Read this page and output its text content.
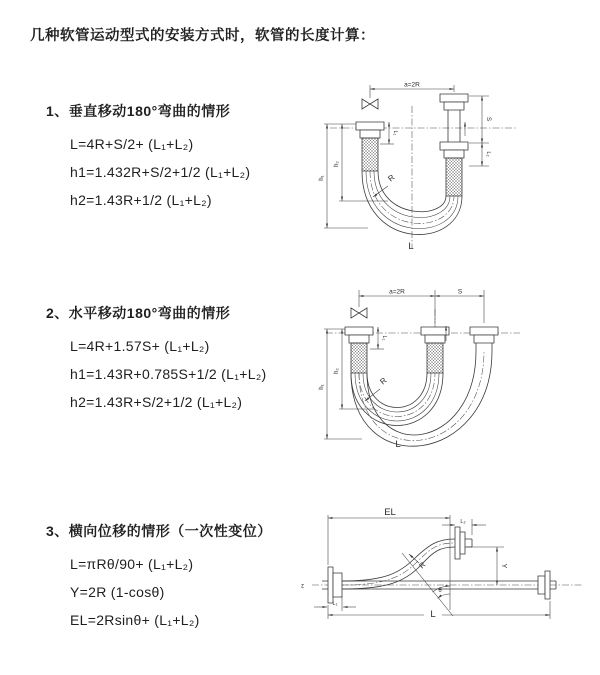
几种软管运动型式的安装方式时，软管的长度计算：
1、垂直移动180°弯曲的情形
L=4R+S/2+ (L₁+L₂)
h1=1.432R+S/2+1/2 (L₁+L₂)
h2=1.43R+1/2 (L₁+L₂)
2、水平移动180°弯曲的情形
L=4R+1.57S+ (L₁+L₂)
h1=1.43R+0.785S+1/2 (L₁+L₂)
h2=1.43R+S/2+1/2 (L₁+L₂)
3、横向位移的情形（一次性变位）
L=πRθ/90+ (L₁+L₂)
Y=2R (1-cosθ)
EL=2Rsinθ+ (L₁+L₂)
a=2R
S
L₂
h₁
h₂
L₁
R
L
a=2R	S
h₁
h₂
L₁
R
L
z
EL
L₂
Y
θ
R
L
L₁
